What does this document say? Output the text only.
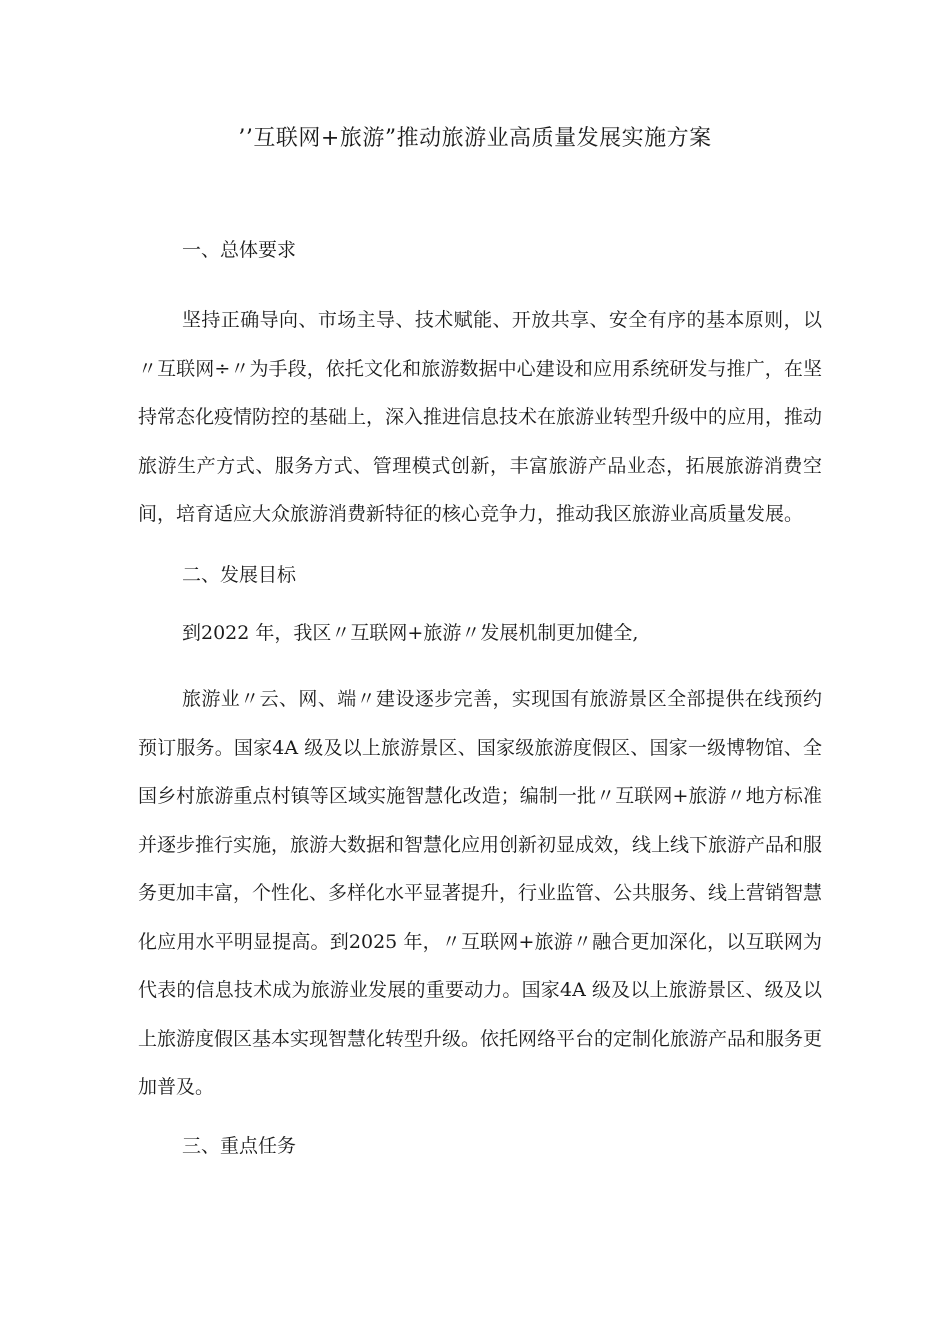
’’互联网+旅游”推动旅游业高质量发展实施方案

一、总体要求

坚持正确导向、市场主导、技术赋能、开放共享、安全有序的基本原则，以〃互联网÷〃为手段，依托文化和旅游数据中心建设和应用系统研发与推广，在坚持常态化疫情防控的基础上，深入推进信息技术在旅游业转型升级中的应用，推动旅游生产方式、服务方式、管理模式创新，丰富旅游产品业态，拓展旅游消费空间，培育适应大众旅游消费新特征的核心竞争力，推动我区旅游业高质量发展。

二、发展目标

到2022 年，我区〃互联网+旅游〃发展机制更加健全,

旅游业〃云、网、端〃建设逐步完善，实现国有旅游景区全部提供在线预约预订服务。国家4A 级及以上旅游景区、国家级旅游度假区、国家一级博物馆、全国乡村旅游重点村镇等区域实施智慧化改造；编制一批〃互联网+旅游〃地方标准并逐步推行实施，旅游大数据和智慧化应用创新初显成效，线上线下旅游产品和服务更加丰富，个性化、多样化水平显著提升，行业监管、公共服务、线上营销智慧化应用水平明显提高。到2025 年，〃互联网+旅游〃融合更加深化，以互联网为代表的信息技术成为旅游业发展的重要动力。国家4A 级及以上旅游景区、级及以上旅游度假区基本实现智慧化转型升级。依托网络平台的定制化旅游产品和服务更加普及。

三、重点任务
